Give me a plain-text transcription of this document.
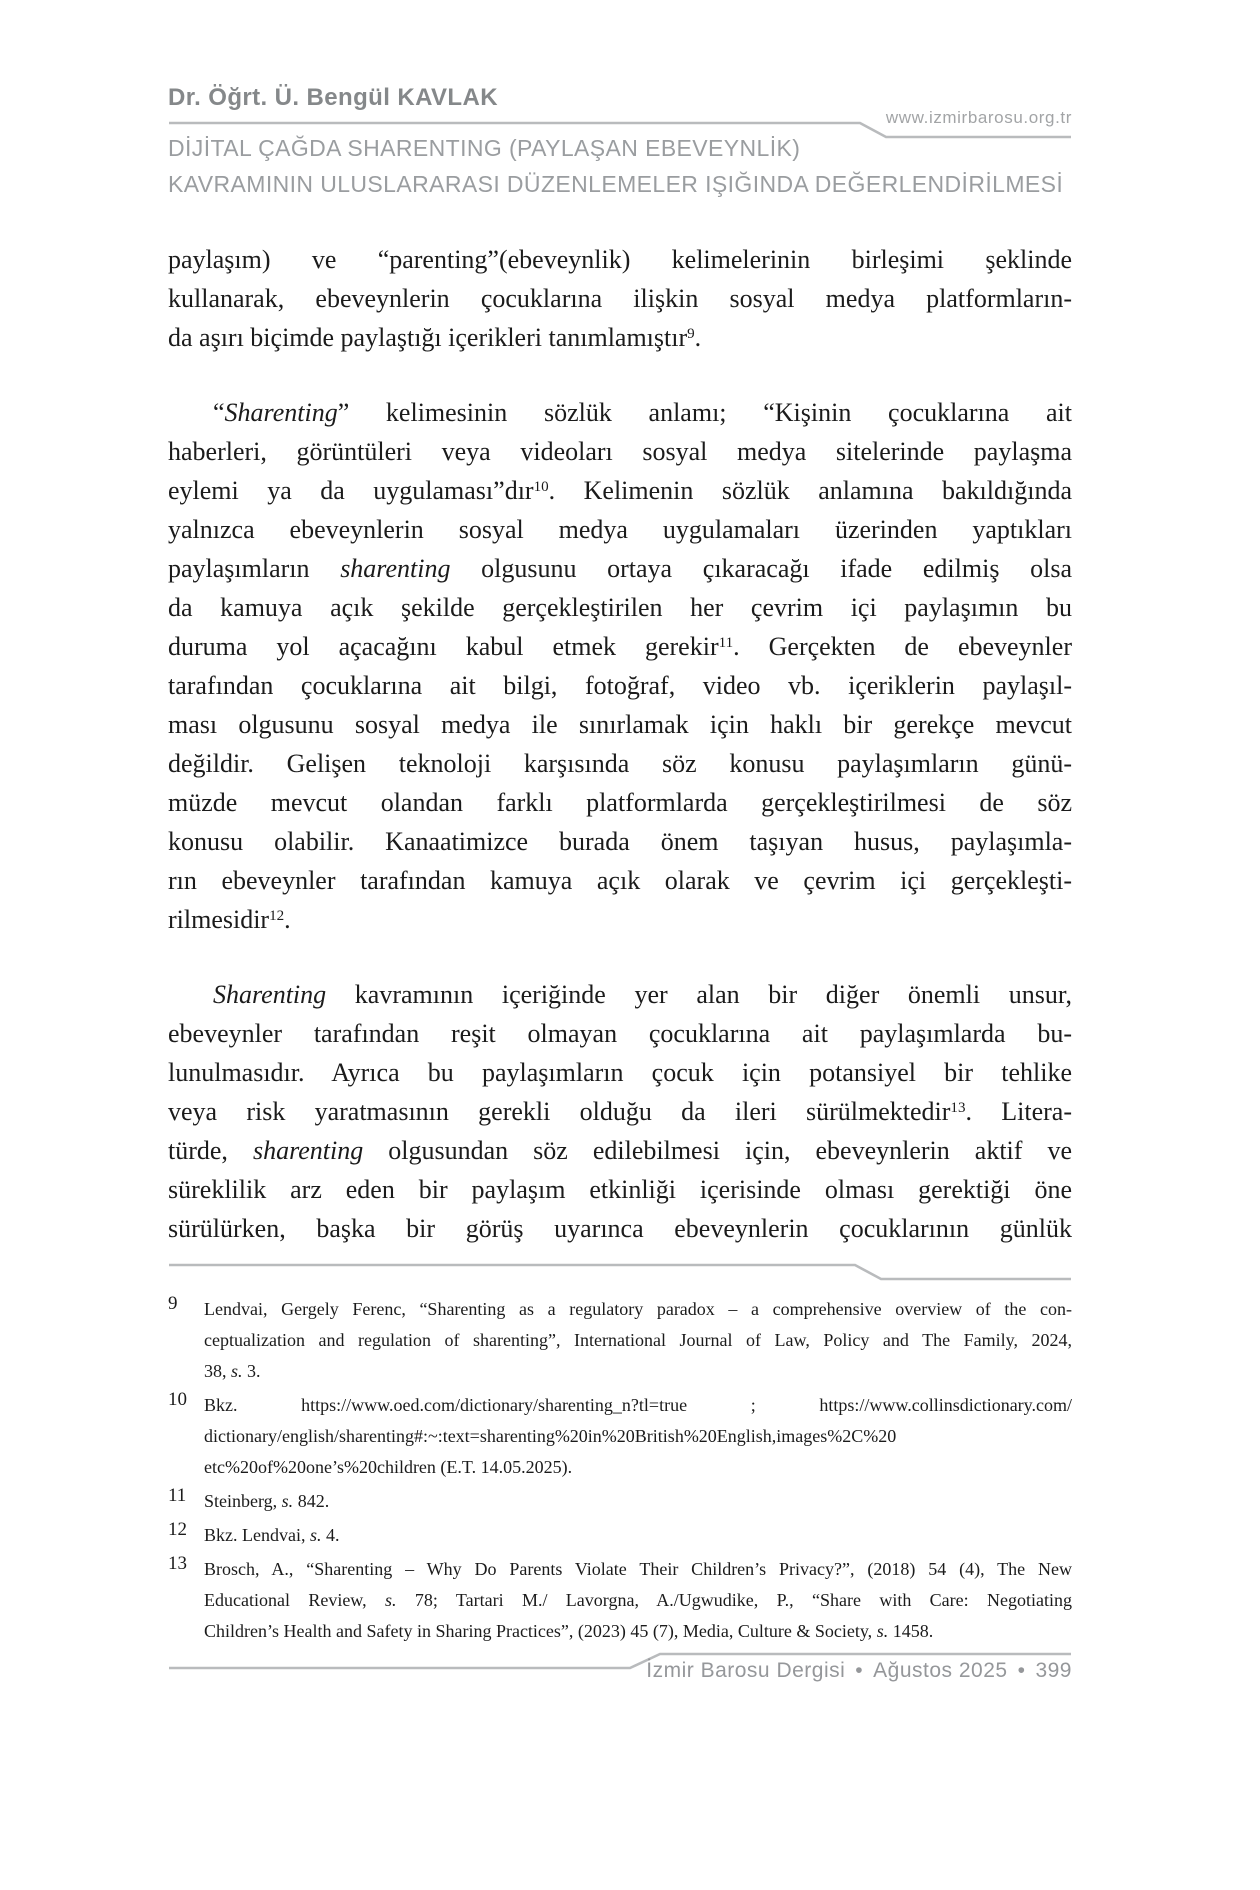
Dr. Öğrt. Ü. Bengül KAVLAK
www.izmirbarosu.org.tr
DİJİTAL ÇAĞDA SHARENTING (PAYLAŞAN EBEVEYNLİK)
KAVRAMININ ULUSLARARASI DÜZENLEMELER IŞIĞINDA DEĞERLENDİRİLMESİ
paylaşım) ve “parenting”(ebeveynlik) kelimelerinin birleşimi şeklinde
kullanarak, ebeveynlerin çocuklarına ilişkin sosyal medya platformların-
da aşırı biçimde paylaştığı içerikleri tanımlamıştır$^9$.
“Sharenting” kelimesinin sözlük anlamı; “Kişinin çocuklarına ait
haberleri, görüntüleri veya videoları sosyal medya sitelerinde paylaşma
eylemi ya da uygulaması”dır$^{10}$. Kelimenin sözlük anlamına bakıldığında
yalnızca ebeveynlerin sosyal medya uygulamaları üzerinden yaptıkları
paylaşımların sharenting olgusunu ortaya çıkaracağı ifade edilmiş olsa
da kamuya açık şekilde gerçekleştirilen her çevrim içi paylaşımın bu
duruma yol açacağını kabul etmek gerekir$^{11}$. Gerçekten de ebeveynler
tarafından çocuklarına ait bilgi, fotoğraf, video vb. içeriklerin paylaşıl-
ması olgusunu sosyal medya ile sınırlamak için haklı bir gerekçe mevcut
değildir. Gelişen teknoloji karşısında söz konusu paylaşımların günü-
müzde mevcut olandan farklı platformlarda gerçekleştirilmesi de söz
konusu olabilir. Kanaatimizce burada önem taşıyan husus, paylaşımla-
rın ebeveynler tarafından kamuya açık olarak ve çevrim içi gerçekleşti-
rilmesidir$^{12}$.
Sharenting kavramının içeriğinde yer alan bir diğer önemli unsur,
ebeveynler tarafından reşit olmayan çocuklarına ait paylaşımlarda bu-
lunulmasıdır. Ayrıca bu paylaşımların çocuk için potansiyel bir tehlike
veya risk yaratmasının gerekli olduğu da ileri sürülmektedir$^{13}$. Litera-
türde, sharenting olgusundan söz edilebilmesi için, ebeveynlerin aktif ve
süreklilik arz eden bir paylaşım etkinliği içerisinde olması gerektiği öne
sürülürken, başka bir görüş uyarınca ebeveynlerin çocuklarının günlük
9 Lendvai, Gergely Ferenc, “Sharenting as a regulatory paradox – a comprehensive overview of the con-
ceptualization and regulation of sharenting”, International Journal of Law, Policy and The Family, 2024,
38, s. 3.
10 Bkz. https://www.oed.com/dictionary/sharenting_n?tl=true ; https://www.collinsdictionary.com/
dictionary/english/sharenting#:~:text=sharenting%20in%20British%20English,images%2C%20
etc%20of%20one’s%20children (E.T. 14.05.2025).
11 Steinberg, s. 842.
12 Bkz. Lendvai, s. 4.
13 Brosch, A., “Sharenting – Why Do Parents Violate Their Children’s Privacy?”, (2018) 54 (4), The New
Educational Review, s. 78; Tartari M./ Lavorgna, A./Ugwudike, P., “Share with Care: Negotiating
Children’s Health and Safety in Sharing Practices”, (2023) 45 (7), Media, Culture & Society, s. 1458.
İzmir Barosu Dergisi • Ağustos 2025 • 399
